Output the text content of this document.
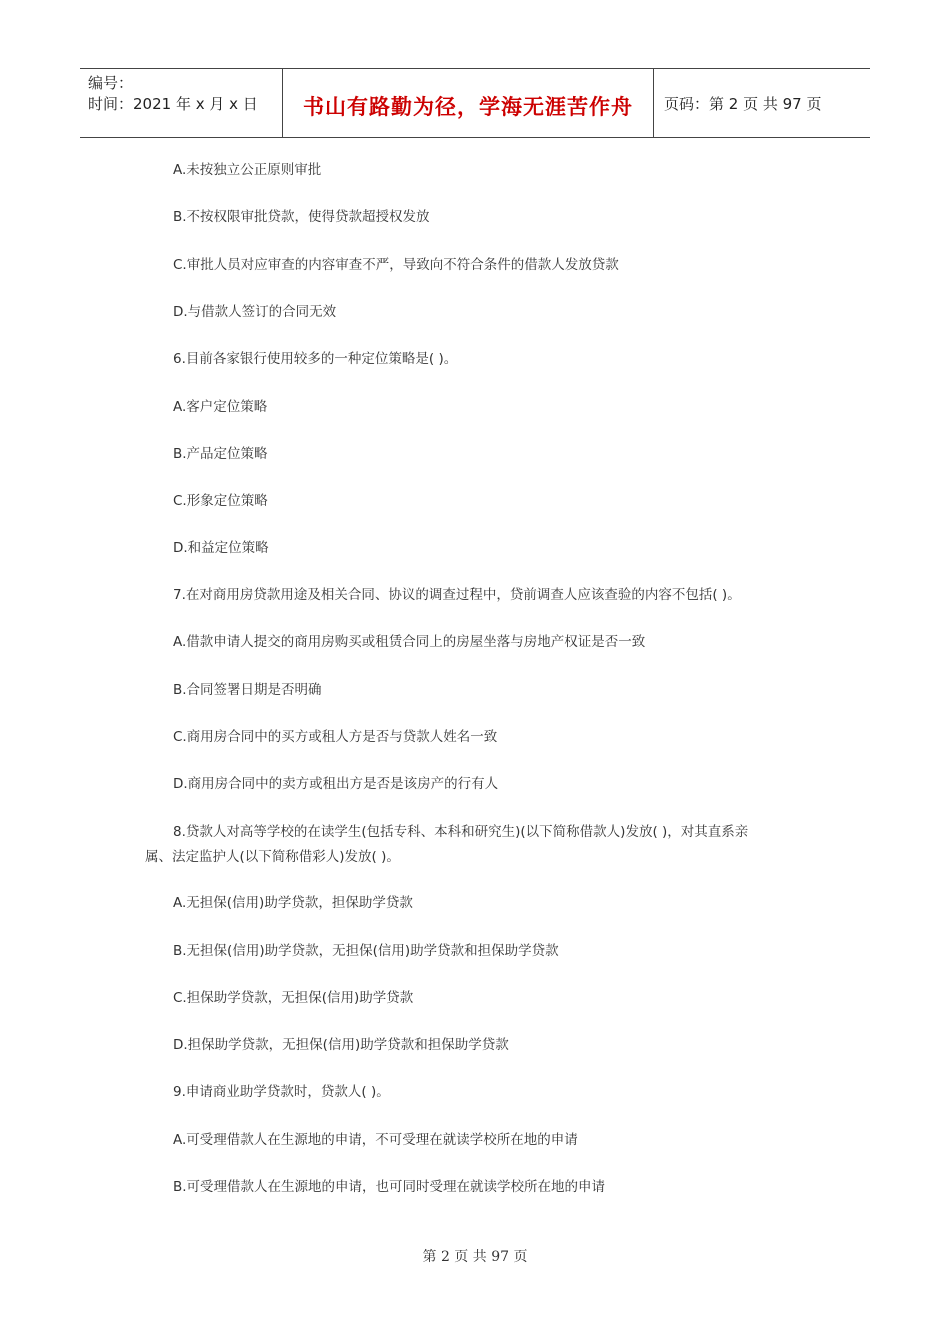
编号：
时间：2021 年 x 月 x 日	书山有路勤为径，学海无涯苦作舟	页码：第 2 页 共 97 页
A.未按独立公正原则审批
B.不按权限审批贷款，使得贷款超授权发放
C.审批人员对应审查的内容审查不严，导致向不符合条件的借款人发放贷款
D.与借款人签订的合同无效
6.目前各家银行使用较多的一种定位策略是( )。
A.客户定位策略
B.产品定位策略
C.形象定位策略
D.和益定位策略
7.在对商用房贷款用途及相关合同、协议的调查过程中，贷前调查人应该查验的内容不包括( )。
A.借款申请人提交的商用房购买或租赁合同上的房屋坐落与房地产权证是否一致
B.合同签署日期是否明确
C.商用房合同中的买方或租人方是否与贷款人姓名一致
D.商用房合同中的卖方或租出方是否是该房产的行有人
8.贷款人对高等学校的在读学生(包括专科、本科和研究生)(以下简称借款人)发放( )，对其直系亲
属、法定监护人(以下简称借彩人)发放( )。
A.无担保(信用)助学贷款，担保助学贷款
B.无担保(信用)助学贷款，无担保(信用)助学贷款和担保助学贷款
C.担保助学贷款，无担保(信用)助学贷款
D.担保助学贷款，无担保(信用)助学贷款和担保助学贷款
9.申请商业助学贷款时，贷款人( )。
A.可受理借款人在生源地的申请，不可受理在就读学校所在地的申请
B.可受理借款人在生源地的申请，也可同时受理在就读学校所在地的申请
第 2 页 共 97 页
